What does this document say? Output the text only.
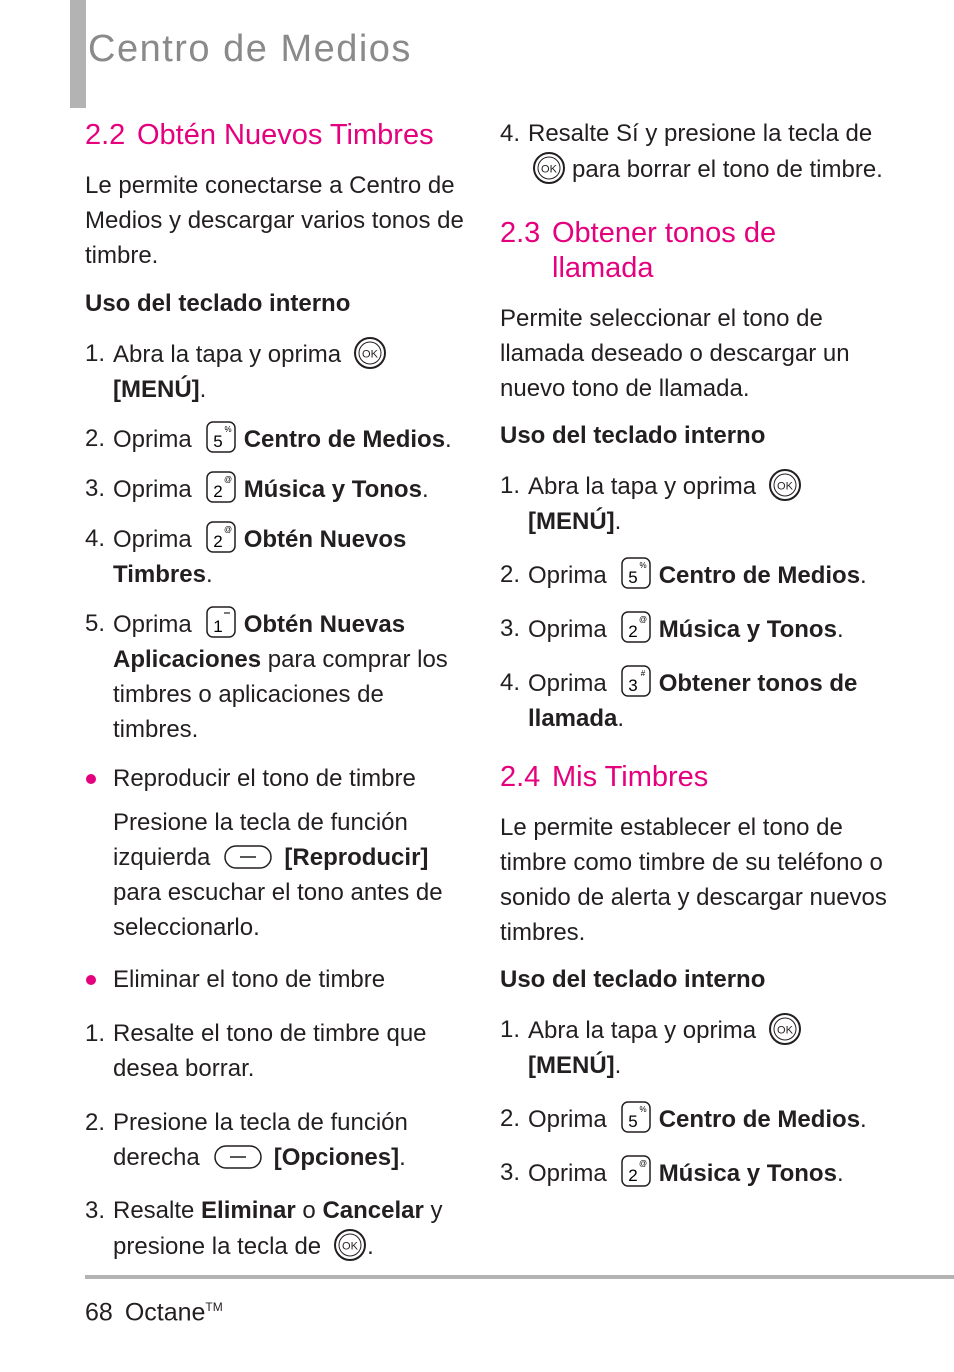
Centro de Medios
2.2 Obtén Nuevos Timbres

Le permite conectarse a Centro de Medios y descargar varios tonos de timbre.

Uso del teclado interno

1. Abra la tapa y oprima OK

[MENÚ].
2. Oprima 5
% Centro de Medios.
3. Oprima 2
@ Música y Tonos.
4. Oprima 2
@ Obtén Nuevos Timbres.
5. Oprima 1 Obtén Nuevas Aplicaciones para comprar los timbres o aplicaciones de timbres.
Reproducir el tono de timbre
Presione la tecla de función izquierda	[Reproducir] para escuchar el tono antes de seleccionarlo.
Eliminar el tono de timbre
1. Resalte el tono de timbre que desea borrar.
2. Presione la tecla de función derecha	[Opciones].
3. Resalte Eliminar o Cancelar y presione la tecla de OK .
4. Resalte Sí y presione la tecla de

OK para borrar el tono de timbre.
2.3 Obtener tonos de
llamada

Permite seleccionar el tono de llamada deseado o descargar un nuevo tono de llamada.

Uso del teclado interno

1. Abra la tapa y oprima OK

[MENÚ].
2. Oprima 5
% Centro de Medios.
3. Oprima 2
@ Música y Tonos.
4. Oprima 3
# Obtener tonos de llamada.
2.4 Mis Timbres

Le permite establecer el tono de timbre como timbre de su teléfono o sonido de alerta y descargar nuevos timbres.

Uso del teclado interno

1. Abra la tapa y oprima OK

[MENÚ].
2. Oprima 5
% Centro de Medios.
3. Oprima 2
@ Música y Tonos.
68 Octane™
